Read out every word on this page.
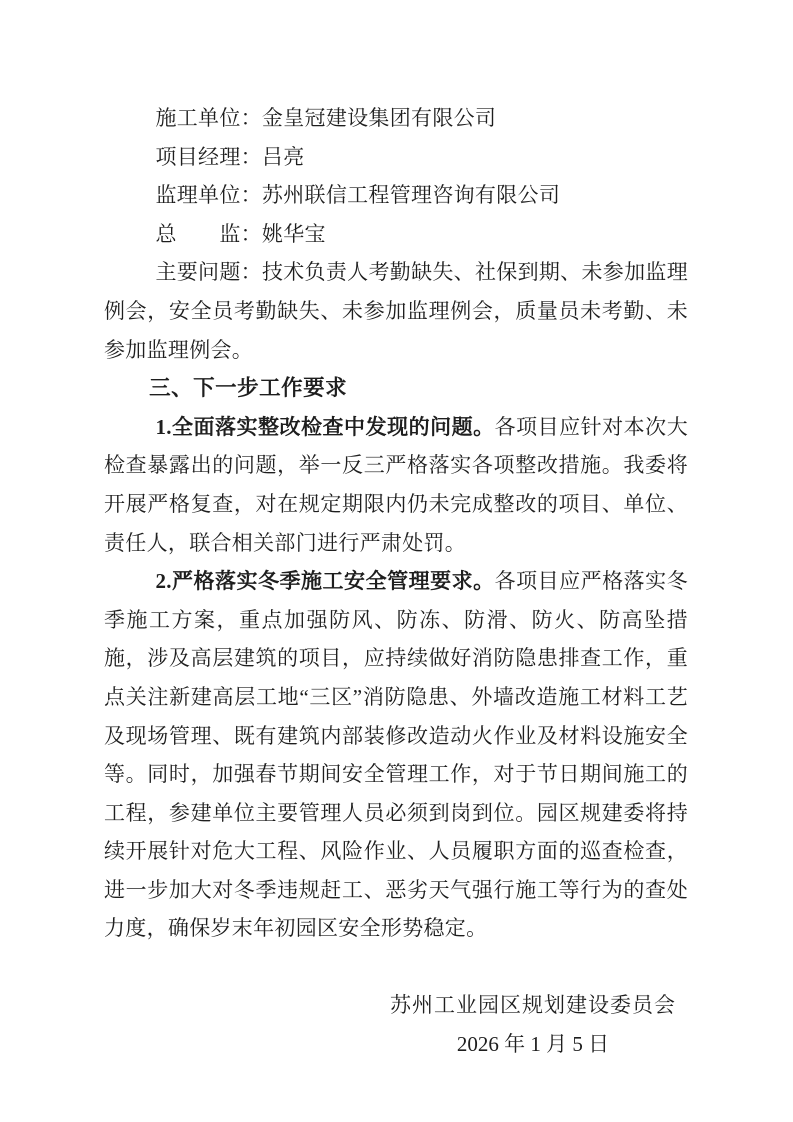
施工单位：金皇冠建设集团有限公司

项目经理：吕亮

监理单位：苏州联信工程管理咨询有限公司

总　　监：姚华宝

主要问题：技术负责人考勤缺失、社保到期、未参加监理例会，安全员考勤缺失、未参加监理例会，质量员未考勤、未参加监理例会。

三、下一步工作要求

1.全面落实整改检查中发现的问题。各项目应针对本次大检查暴露出的问题，举一反三严格落实各项整改措施。我委将开展严格复查，对在规定期限内仍未完成整改的项目、单位、责任人，联合相关部门进行严肃处罚。

2.严格落实冬季施工安全管理要求。各项目应严格落实冬季施工方案，重点加强防风、防冻、防滑、防火、防高坠措施，涉及高层建筑的项目，应持续做好消防隐患排查工作，重点关注新建高层工地“三区”消防隐患、外墙改造施工材料工艺及现场管理、既有建筑内部装修改造动火作业及材料设施安全等。同时，加强春节期间安全管理工作，对于节日期间施工的工程，参建单位主要管理人员必须到岗到位。园区规建委将持续开展针对危大工程、风险作业、人员履职方面的巡查检查，进一步加大对冬季违规赶工、恶劣天气强行施工等行为的查处力度，确保岁末年初园区安全形势稳定。

苏州工业园区规划建设委员会
2026 年 1 月 5 日
